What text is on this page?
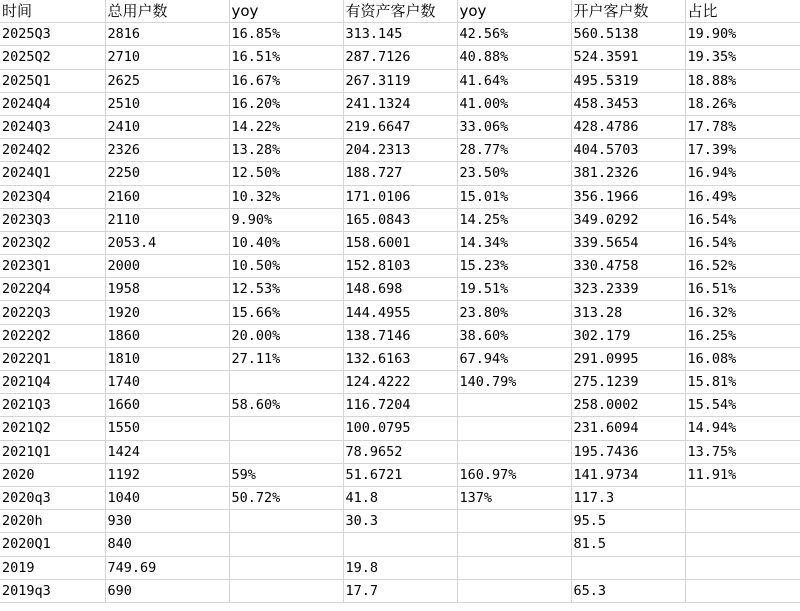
时间	总用户数	yoy	有资产客户数	yoy	开户客户数	占比
2025Q3	2816	16.85%	313.145	42.56%	560.5138	19.90%
2025Q2	2710	16.51%	287.7126	40.88%	524.3591	19.35%
2025Q1	2625	16.67%	267.3119	41.64%	495.5319	18.88%
2024Q4	2510	16.20%	241.1324	41.00%	458.3453	18.26%
2024Q3	2410	14.22%	219.6647	33.06%	428.4786	17.78%
2024Q2	2326	13.28%	204.2313	28.77%	404.5703	17.39%
2024Q1	2250	12.50%	188.727	23.50%	381.2326	16.94%
2023Q4	2160	10.32%	171.0106	15.01%	356.1966	16.49%
2023Q3	2110	9.90%	165.0843	14.25%	349.0292	16.54%
2023Q2	2053.4	10.40%	158.6001	14.34%	339.5654	16.54%
2023Q1	2000	10.50%	152.8103	15.23%	330.4758	16.52%
2022Q4	1958	12.53%	148.698	19.51%	323.2339	16.51%
2022Q3	1920	15.66%	144.4955	23.80%	313.28	16.32%
2022Q2	1860	20.00%	138.7146	38.60%	302.179	16.25%
2022Q1	1810	27.11%	132.6163	67.94%	291.0995	16.08%
2021Q4	1740		124.4222	140.79%	275.1239	15.81%
2021Q3	1660	58.60%	116.7204		258.0002	15.54%
2021Q2	1550		100.0795		231.6094	14.94%
2021Q1	1424		78.9652		195.7436	13.75%
2020	1192	59%	51.6721	160.97%	141.9734	11.91%
2020q3	1040	50.72%	41.8	137%	117.3	
2020h	930		30.3		95.5	
2020Q1	840				81.5	
2019	749.69		19.8			
2019q3	690		17.7		65.3	
